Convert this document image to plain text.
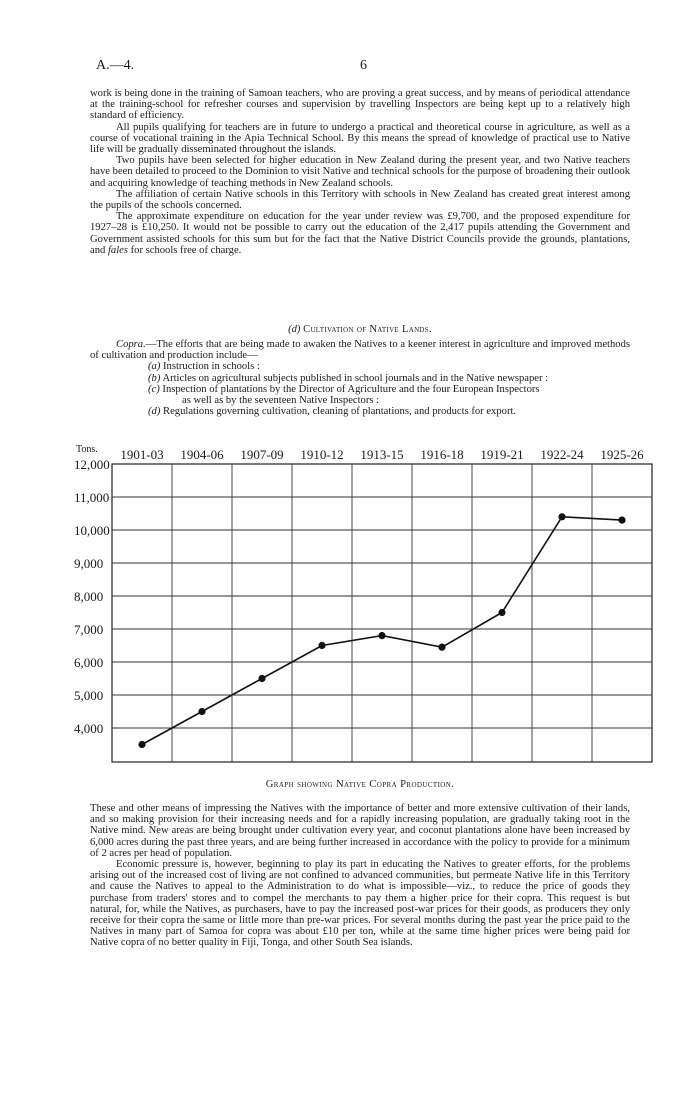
A.—4.	6

work is being done in the training of Samoan teachers, who are proving a great success, and by means of periodical attendance at the training-school for refresher courses and supervision by travelling Inspectors are being kept up to a relatively high standard of efficiency.

All pupils qualifying for teachers are in future to undergo a practical and theoretical course in agriculture, as well as a course of vocational training in the Apia Technical School. By this means the spread of knowledge of practical use to Native life will be gradually disseminated throughout the islands.

Two pupils have been selected for higher education in New Zealand during the present year, and two Native teachers have been detailed to proceed to the Dominion to visit Native and technical schools for the purpose of broadening their outlook and acquiring knowledge of teaching methods in New Zealand schools.

The affiliation of certain Native schools in this Territory with schools in New Zealand has created great interest among the pupils of the schools concerned.

The approximate expenditure on education for the year under review was £9,700, and the proposed expenditure for 1927–28 is £10,250. It would not be possible to carry out the education of the 2,417 pupils attending the Government and Government assisted schools for this sum but for the fact that the Native District Councils provide the grounds, plantations, and fales for schools free of charge.

(d) Cultivation of Native Lands.

Copra.—The efforts that are being made to awaken the Natives to a keener interest in agriculture and improved methods of cultivation and production include—

(a) Instruction in schools :

(b) Articles on agricultural subjects published in school journals and in the Native newspaper :

(c) Inspection of plantations by the Director of Agriculture and the four European Inspectors

as well as by the seventeen Native Inspectors :

(d) Regulations governing cultivation, cleaning of plantations, and products for export.

12,000
11,000
10,000
9,000
8,000
7,000
6,000
5,000
4,000
Tons. 1901-03 1904-06 1907-09 1910-12 1913-15 1916-18 1919-21 1922-24 1925-26
Graph showing Native Copra Production.

These and other means of impressing the Natives with the importance of better and more extensive cultivation of their lands, and so making provision for their increasing needs and for a rapidly increasing population, are gradually taking root in the Native mind. New areas are being brought under cultivation every year, and coconut plantations alone have been increased by 6,000 acres during the past three years, and are being further increased in accordance with the policy to provide for a minimum of 2 acres per head of population.

Economic pressure is, however, beginning to play its part in educating the Natives to greater efforts, for the problems arising out of the increased cost of living are not confined to advanced communities, but permeate Native life in this Territory and cause the Natives to appeal to the Administration to do what is impossible—viz., to reduce the price of goods they purchase from traders' stores and to compel the merchants to pay them a higher price for their copra. This request is but natural, for, while the Natives, as purchasers, have to pay the increased post-war prices for their goods, as producers they only receive for their copra the same or little more than pre-war prices. For several months during the past year the price paid to the Natives in many part of Samoa for copra was about £10 per ton, while at the same time higher prices were being paid for Native copra of no better quality in Fiji, Tonga, and other South Sea islands.
